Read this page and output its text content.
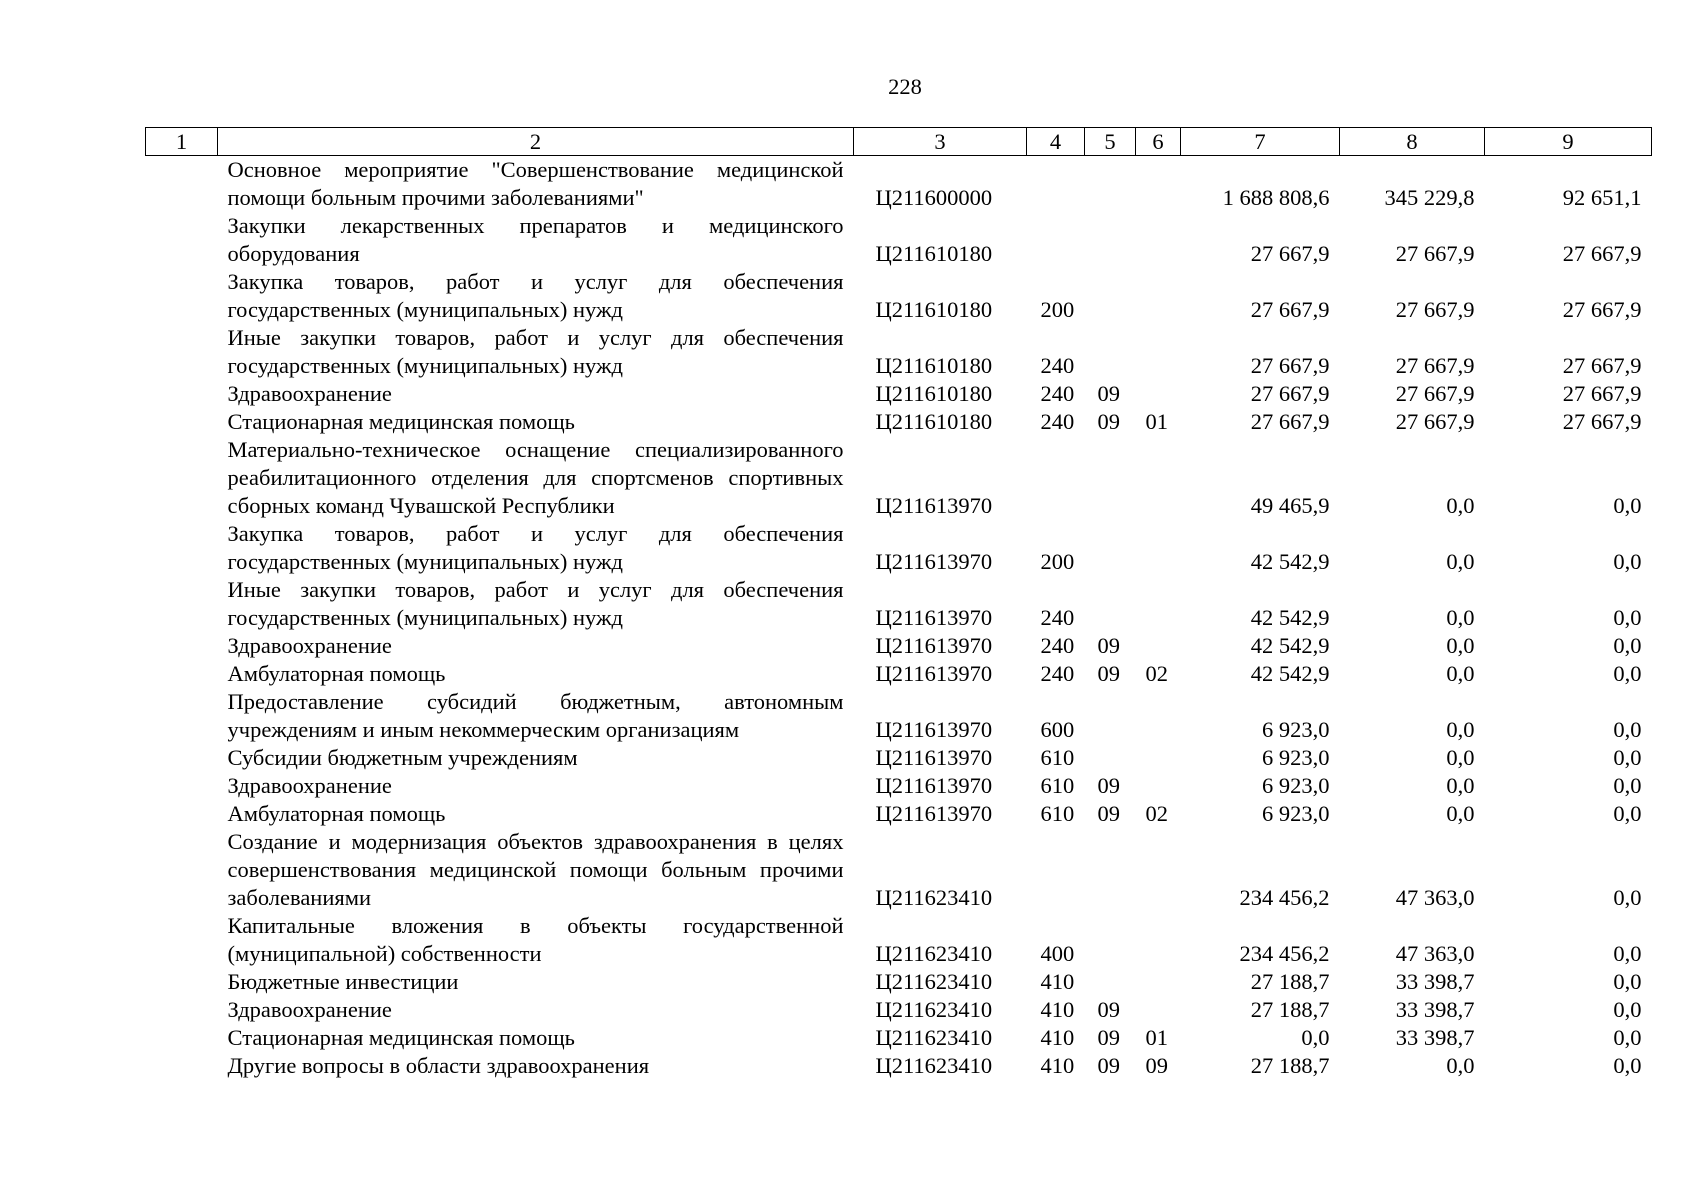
228
1	2	3	4	5	6	7	8	9
	Основное мероприятие "Совершенствование медицинской помощи больным прочими заболеваниями"	Ц211600000				1 688 808,6	345 229,8	92 651,1
	Закупки лекарственных препаратов и медицинского оборудования	Ц211610180				27 667,9	27 667,9	27 667,9
	Закупка товаров, работ и услуг для обеспечения государственных (муниципальных) нужд	Ц211610180	200			27 667,9	27 667,9	27 667,9
	Иные закупки товаров, работ и услуг для обеспечения государственных (муниципальных) нужд	Ц211610180	240			27 667,9	27 667,9	27 667,9
	Здравоохранение	Ц211610180	240	09		27 667,9	27 667,9	27 667,9
	Стационарная медицинская помощь	Ц211610180	240	09	01	27 667,9	27 667,9	27 667,9
	Материально-техническое оснащение специализированного реабилитационного отделения для спортсменов спортивных сборных команд Чувашской Республики	Ц211613970				49 465,9	0,0	0,0
	Закупка товаров, работ и услуг для обеспечения государственных (муниципальных) нужд	Ц211613970	200			42 542,9	0,0	0,0
	Иные закупки товаров, работ и услуг для обеспечения государственных (муниципальных) нужд	Ц211613970	240			42 542,9	0,0	0,0
	Здравоохранение	Ц211613970	240	09		42 542,9	0,0	0,0
	Амбулаторная помощь	Ц211613970	240	09	02	42 542,9	0,0	0,0
	Предоставление субсидий бюджетным, автономным учреждениям и иным некоммерческим организациям	Ц211613970	600			6 923,0	0,0	0,0
	Субсидии бюджетным учреждениям	Ц211613970	610			6 923,0	0,0	0,0
	Здравоохранение	Ц211613970	610	09		6 923,0	0,0	0,0
	Амбулаторная помощь	Ц211613970	610	09	02	6 923,0	0,0	0,0
	Создание и модернизация объектов здравоохранения в целях совершенствования медицинской помощи больным прочими заболеваниями	Ц211623410				234 456,2	47 363,0	0,0
	Капитальные вложения в объекты государственной (муниципальной) собственности	Ц211623410	400			234 456,2	47 363,0	0,0
	Бюджетные инвестиции	Ц211623410	410			27 188,7	33 398,7	0,0
	Здравоохранение	Ц211623410	410	09		27 188,7	33 398,7	0,0
	Стационарная медицинская помощь	Ц211623410	410	09	01	0,0	33 398,7	0,0
	Другие вопросы в области здравоохранения	Ц211623410	410	09	09	27 188,7	0,0	0,0
